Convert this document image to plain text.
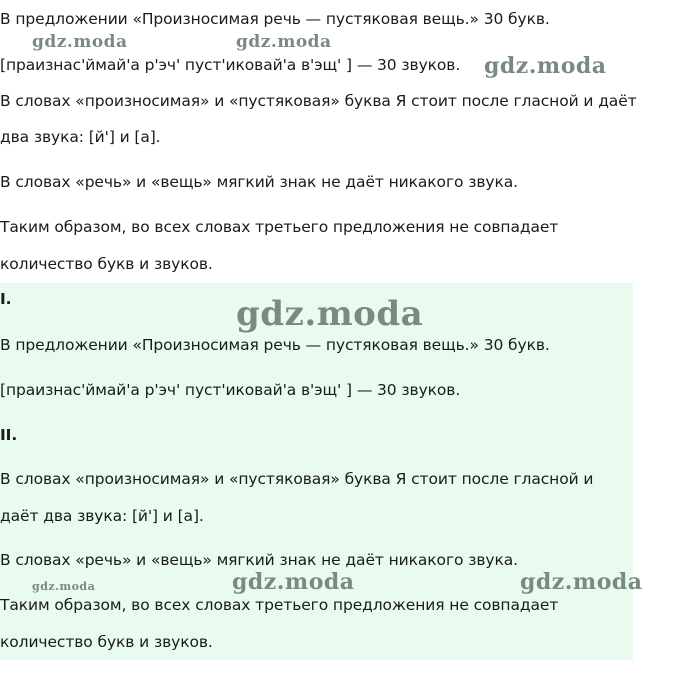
В предложении «Произносимая речь — пустяковая вещь.» 30 букв.
gdz.moda	gdz.moda
[праизнас'ймай'а р'эч' пуст'иковай'а в'эщ' ] — 30 звуков. gdz.moda
В словах «произносимая» и «пустяковая» буква Я стоит после гласной и даёт
два звука: [й'] и [а].
В словах «речь» и «вещь» мягкий знак не даёт никакого звука.
Таким образом, во всех словах третьего предложения не совпадает
количество букв и звуков.
I.	gdz.moda
В предложении «Произносимая речь — пустяковая вещь.» 30 букв.
[праизнас'ймай'а р'эч' пуст'иковай'а в'эщ' ] — 30 звуков.
II.
В словах «произносимая» и «пустяковая» буква Я стоит после гласной и
даёт два звука: [й'] и [а].
В словах «речь» и «вещь» мягкий знак не даёт никакого звука.
gdz.moda	gdz.moda	gdz.moda
Таким образом, во всех словах третьего предложения не совпадает
количество букв и звуков.
